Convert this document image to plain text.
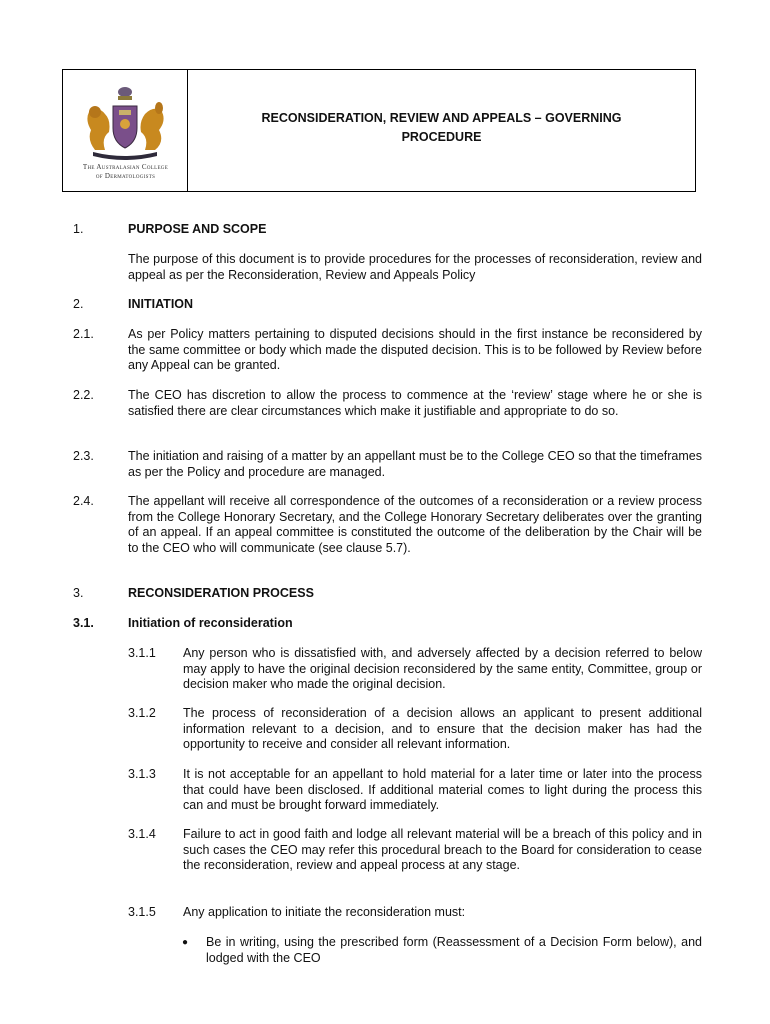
The Australasian College
of Dermatologists
RECONSIDERATION, REVIEW AND APPEALS – GOVERNING
PROCEDURE
1.	PURPOSE AND SCOPE
The purpose of this document is to provide procedures for the processes of reconsideration, review and appeal as per the Reconsideration, Review and Appeals Policy
2.	INITIATION
2.1.	As per Policy matters pertaining to disputed decisions should in the first instance be reconsidered by the same committee or body which made the disputed decision. This is to be followed by Review before any Appeal can be granted.
2.2.	The CEO has discretion to allow the process to commence at the ‘review’ stage where he or she is satisfied there are clear circumstances which make it justifiable and appropriate to do so.
2.3.	The initiation and raising of a matter by an appellant must be to the College CEO so that the timeframes as per the Policy and procedure are managed.
2.4.	The appellant will receive all correspondence of the outcomes of a reconsideration or a review process from the College Honorary Secretary, and the College Honorary Secretary deliberates over the granting of an appeal. If an appeal committee is constituted the outcome of the deliberation by the Chair will be to the CEO who will communicate (see clause 5.7).
3.	RECONSIDERATION PROCESS
3.1.	Initiation of reconsideration
3.1.1 Any person who is dissatisfied with, and adversely affected by a decision referred to below may apply to have the original decision reconsidered by the same entity, Committee, group or decision maker who made the original decision.
3.1.2 The process of reconsideration of a decision allows an applicant to present additional information relevant to a decision, and to ensure that the decision maker has had the opportunity to receive and consider all relevant information.
3.1.3 It is not acceptable for an appellant to hold material for a later time or later into the process that could have been disclosed. If additional material comes to light during the process this can and must be brought forward immediately.
3.1.4 Failure to act in good faith and lodge all relevant material will be a breach of this policy and in such cases the CEO may refer this procedural breach to the Board for consideration to cease the reconsideration, review and appeal process at any stage.
3.1.5 Any application to initiate the reconsideration must:
● Be in writing, using the prescribed form (Reassessment of a Decision Form below), and lodged with the CEO
